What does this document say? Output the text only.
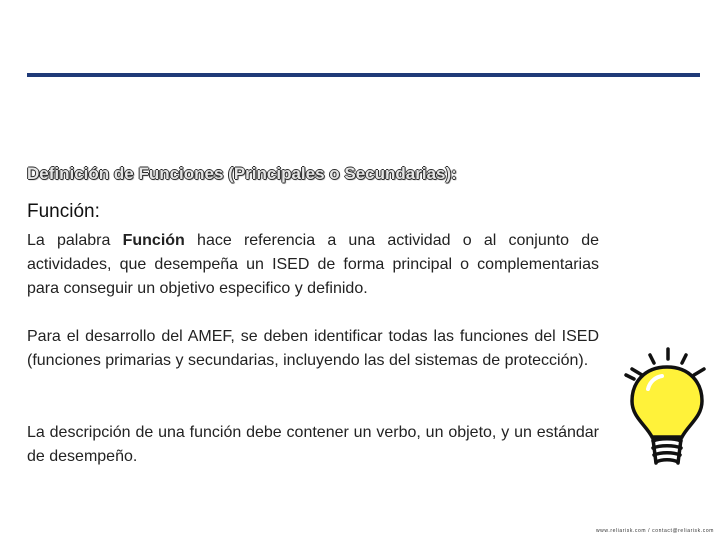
Definición de Funciones (Principales o Secundarias):
Función:
La palabra Función hace referencia a una actividad o al conjunto de actividades, que desempeña un ISED de forma principal o complementarias para conseguir un objetivo especifico y definido.
Para el desarrollo del AMEF, se deben identificar todas las funciones del ISED (funciones primarias y secundarias, incluyendo las del sistemas de protección).
La descripción de una función debe contener un verbo, un objeto, y un estándar de desempeño.
www.reliarisk.com / contact@reliarisk.com
